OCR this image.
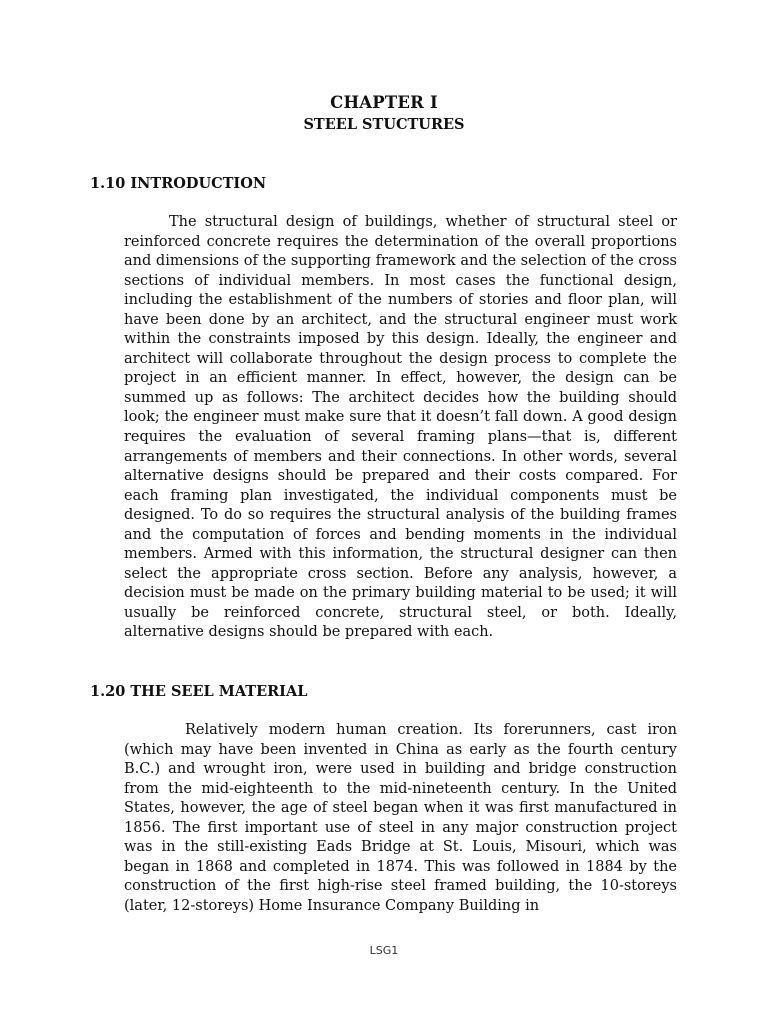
CHAPTER I
STEEL STUCTURES
1.10 INTRODUCTION

The structural design of buildings, whether of structural steel or reinforced concrete requires the determination of the overall proportions and dimensions of the supporting framework and the selection of the cross sections of individual members. In most cases the functional design, including the establishment of the numbers of stories and floor plan, will have been done by an architect, and the structural engineer must work within the constraints imposed by this design. Ideally, the engineer and architect will collaborate throughout the design process to complete the project in an efficient manner. In effect, however, the design can be summed up as follows: The architect decides how the building should look; the engineer must make sure that it doesn’t fall down. A good design requires the evaluation of several framing plans—that is, different arrangements of members and their connections. In other words, several alternative designs should be prepared and their costs compared. For each framing plan investigated, the individual components must be designed. To do so requires the structural analysis of the building frames and the computation of forces and bending moments in the individual members. Armed with this information, the structural designer can then select the appropriate cross section. Before any analysis, however, a decision must be made on the primary building material to be used; it will usually be reinforced concrete, structural steel, or both. Ideally, alternative designs should be prepared with each.

1.20 THE SEEL MATERIAL

Relatively modern human creation. Its forerunners, cast iron (which may have been invented in China as early as the fourth century B.C.) and wrought iron, were used in building and bridge construction from the mid-eighteenth to the mid-nineteenth century. In the United States, however, the age of steel began when it was first manufactured in 1856. The first important use of steel in any major construction project was in the still-existing Eads Bridge at St. Louis, Misouri, which was began in 1868 and completed in 1874. This was followed in 1884 by the construction of the first high-rise steel framed building, the 10-storeys (later, 12-storeys) Home Insurance Company Building in

LSG1
